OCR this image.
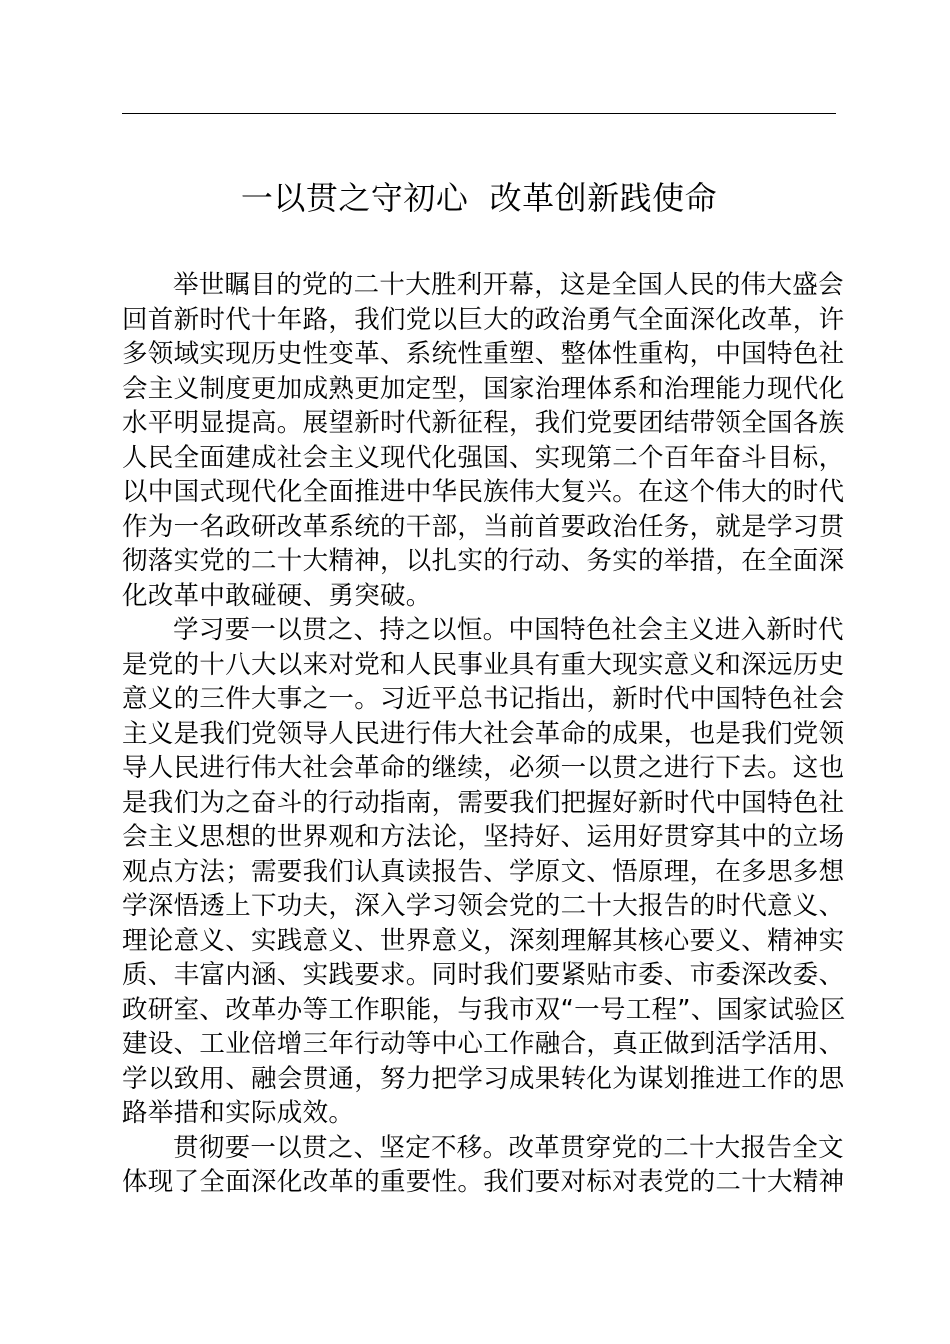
一以贯之守初心  改革创新践使命
举世瞩目的党的二十大胜利开幕，这是全国人民的伟大盛会
回首新时代十年路，我们党以巨大的政治勇气全面深化改革，许
多领域实现历史性变革、系统性重塑、整体性重构，中国特色社
会主义制度更加成熟更加定型，国家治理体系和治理能力现代化
水平明显提高。展望新时代新征程，我们党要团结带领全国各族
人民全面建成社会主义现代化强国、实现第二个百年奋斗目标，
以中国式现代化全面推进中华民族伟大复兴。在这个伟大的时代
作为一名政研改革系统的干部，当前首要政治任务，就是学习贯
彻落实党的二十大精神，以扎实的行动、务实的举措，在全面深
化改革中敢碰硬、勇突破。
学习要一以贯之、持之以恒。中国特色社会主义进入新时代
是党的十八大以来对党和人民事业具有重大现实意义和深远历史
意义的三件大事之一。习近平总书记指出，新时代中国特色社会
主义是我们党领导人民进行伟大社会革命的成果，也是我们党领
导人民进行伟大社会革命的继续，必须一以贯之进行下去。这也
是我们为之奋斗的行动指南，需要我们把握好新时代中国特色社
会主义思想的世界观和方法论，坚持好、运用好贯穿其中的立场
观点方法；需要我们认真读报告、学原文、悟原理，在多思多想
学深悟透上下功夫，深入学习领会党的二十大报告的时代意义、
理论意义、实践意义、世界意义，深刻理解其核心要义、精神实
质、丰富内涵、实践要求。同时我们要紧贴市委、市委深改委、
政研室、改革办等工作职能，与我市双“一号工程”、国家试验区
建设、工业倍增三年行动等中心工作融合，真正做到活学活用、
学以致用、融会贯通，努力把学习成果转化为谋划推进工作的思
路举措和实际成效。
贯彻要一以贯之、坚定不移。改革贯穿党的二十大报告全文
体现了全面深化改革的重要性。我们要对标对表党的二十大精神
